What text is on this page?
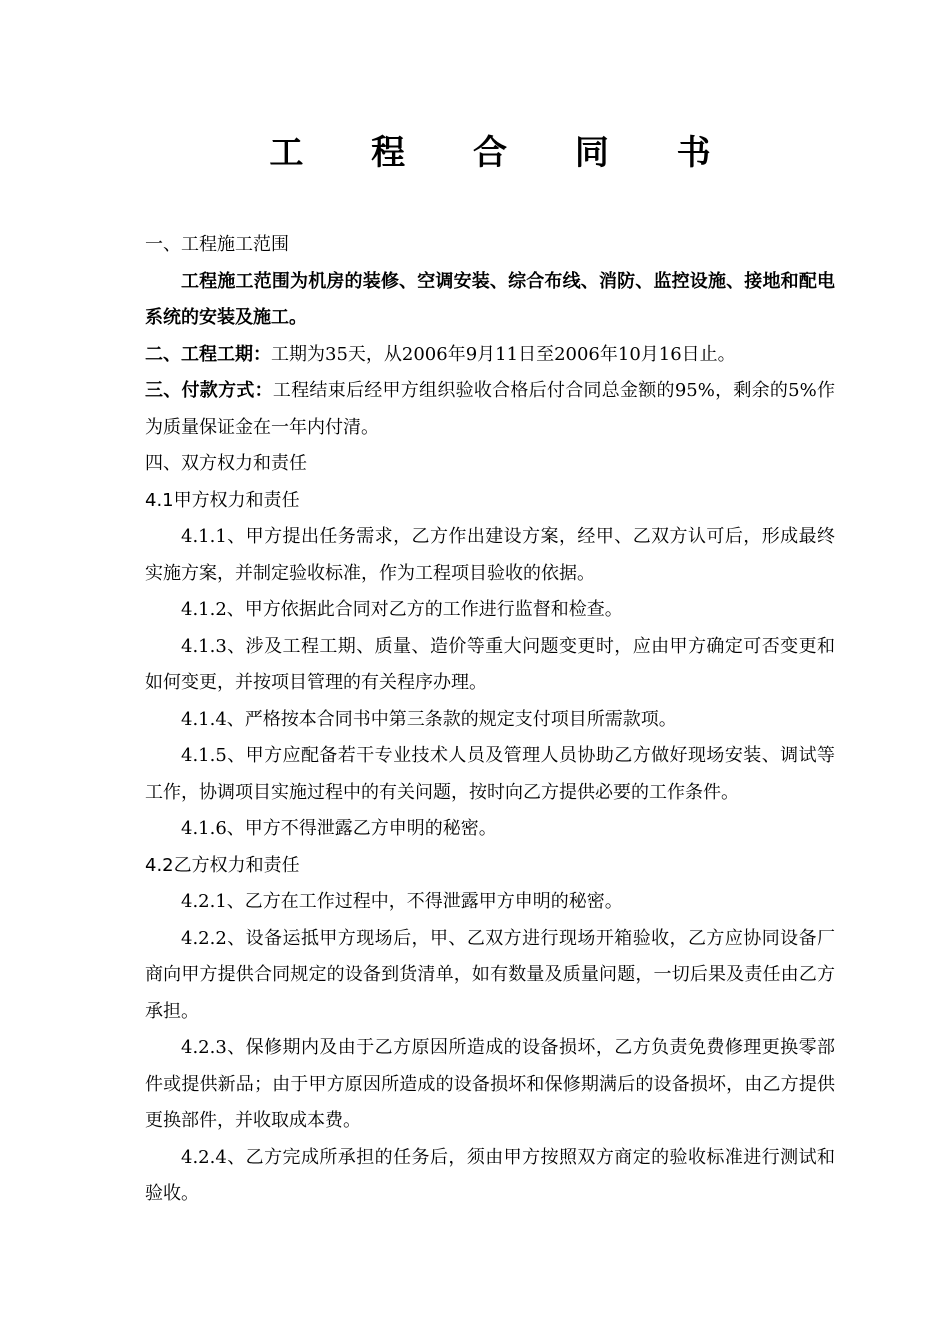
工 程 合 同 书

一、工程施工范围

工程施工范围为机房的装修、空调安装、综合布线、消防、监控设施、接地和配电系统的安装及施工。

二、工程工期：工期为35天，从2006年9月11日至2006年10月16日止。

三、付款方式：工程结束后经甲方组织验收合格后付合同总金额的95%，剩余的5%作为质量保证金在一年内付清。

四、双方权力和责任

4.1甲方权力和责任

4.1.1、甲方提出任务需求，乙方作出建设方案，经甲、乙双方认可后，形成最终实施方案，并制定验收标准，作为工程项目验收的依据。

4.1.2、甲方依据此合同对乙方的工作进行监督和检查。

4.1.3、涉及工程工期、质量、造价等重大问题变更时，应由甲方确定可否变更和如何变更，并按项目管理的有关程序办理。

4.1.4、严格按本合同书中第三条款的规定支付项目所需款项。

4.1.5、甲方应配备若干专业技术人员及管理人员协助乙方做好现场安装、调试等工作，协调项目实施过程中的有关问题，按时向乙方提供必要的工作条件。

4.1.6、甲方不得泄露乙方申明的秘密。

4.2乙方权力和责任

4.2.1、乙方在工作过程中，不得泄露甲方申明的秘密。

4.2.2、设备运抵甲方现场后，甲、乙双方进行现场开箱验收，乙方应协同设备厂商向甲方提供合同规定的设备到货清单，如有数量及质量问题，一切后果及责任由乙方承担。

4.2.3、保修期内及由于乙方原因所造成的设备损坏，乙方负责免费修理更换零部件或提供新品；由于甲方原因所造成的设备损坏和保修期满后的设备损坏，由乙方提供更换部件，并收取成本费。

4.2.4、乙方完成所承担的任务后，须由甲方按照双方商定的验收标准进行测试和验收。
